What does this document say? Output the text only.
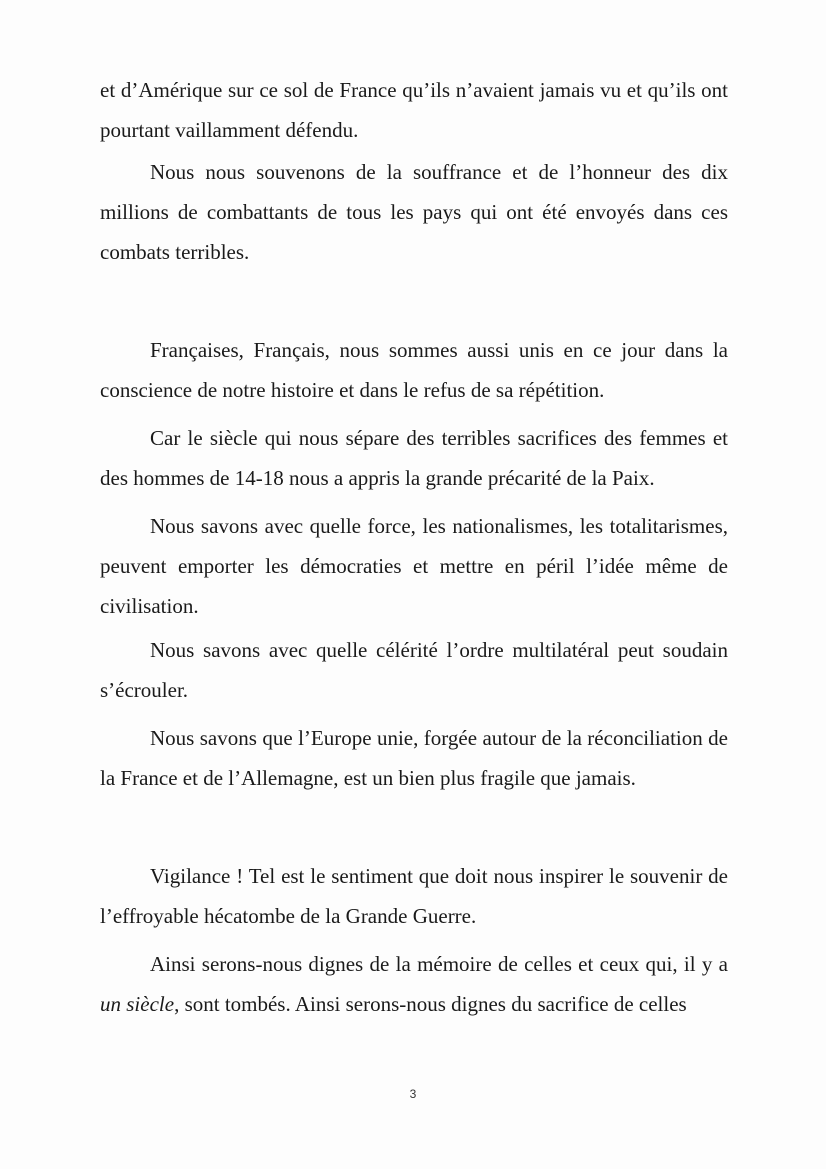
et d’Amérique sur ce sol de France qu’ils n’avaient jamais vu et qu’ils ont pourtant vaillamment défendu.

Nous nous souvenons de la souffrance et de l’honneur des dix millions de combattants de tous les pays qui ont été envoyés dans ces combats terribles.

Françaises, Français, nous sommes aussi unis en ce jour dans la conscience de notre histoire et dans le refus de sa répétition.

Car le siècle qui nous sépare des terribles sacrifices des femmes et des hommes de 14-18 nous a appris la grande précarité de la Paix.

Nous savons avec quelle force, les nationalismes, les totalitarismes, peuvent emporter les démocraties et mettre en péril l’idée même de civilisation.

Nous savons avec quelle célérité l’ordre multilatéral peut soudain s’écrouler.

Nous savons que l’Europe unie, forgée autour de la réconciliation de la France et de l’Allemagne, est un bien plus fragile que jamais.

Vigilance ! Tel est le sentiment que doit nous inspirer le souvenir de l’effroyable hécatombe de la Grande Guerre.

Ainsi serons-nous dignes de la mémoire de celles et ceux qui, il y a un siècle, sont tombés. Ainsi serons-nous dignes du sacrifice de celles

3
